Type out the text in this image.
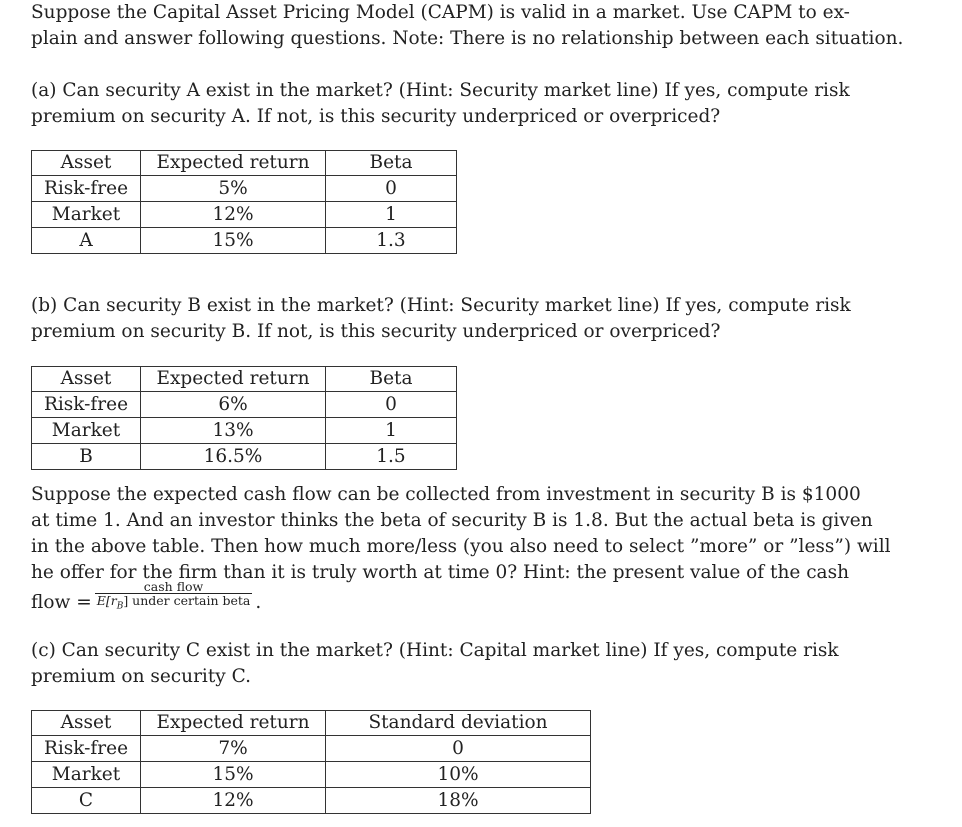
Suppose the Capital Asset Pricing Model (CAPM) is valid in a market. Use CAPM to ex-
plain and answer following questions. Note: There is no relationship between each situation.
(a) Can security A exist in the market? (Hint: Security market line) If yes, compute risk
premium on security A. If not, is this security underpriced or overpriced?
Asset	Expected return	Beta
Risk-free	5%	0
Market	12%	1
A	15%	1.3
(b) Can security B exist in the market? (Hint: Security market line) If yes, compute risk
premium on security B. If not, is this security underpriced or overpriced?
Asset	Expected return	Beta
Risk-free	6%	0
Market	13%	1
B	16.5%	1.5
Suppose the expected cash flow can be collected from investment in security B is $1000
at time 1. And an investor thinks the beta of security B is 1.8. But the actual beta is given
in the above table. Then how much more/less (you also need to select ”more” or ”less”) will
he offer for the firm than it is truly worth at time 0? Hint: the present value of the cash
flow = $\frac{\text{cash flow}}{E[r_B] under certain beta}$ .
(c) Can security C exist in the market? (Hint: Capital market line) If yes, compute risk
premium on security C.
Asset	Expected return	Standard deviation
Risk-free	7%	0
Market	15%	10%
C	12%	18%
